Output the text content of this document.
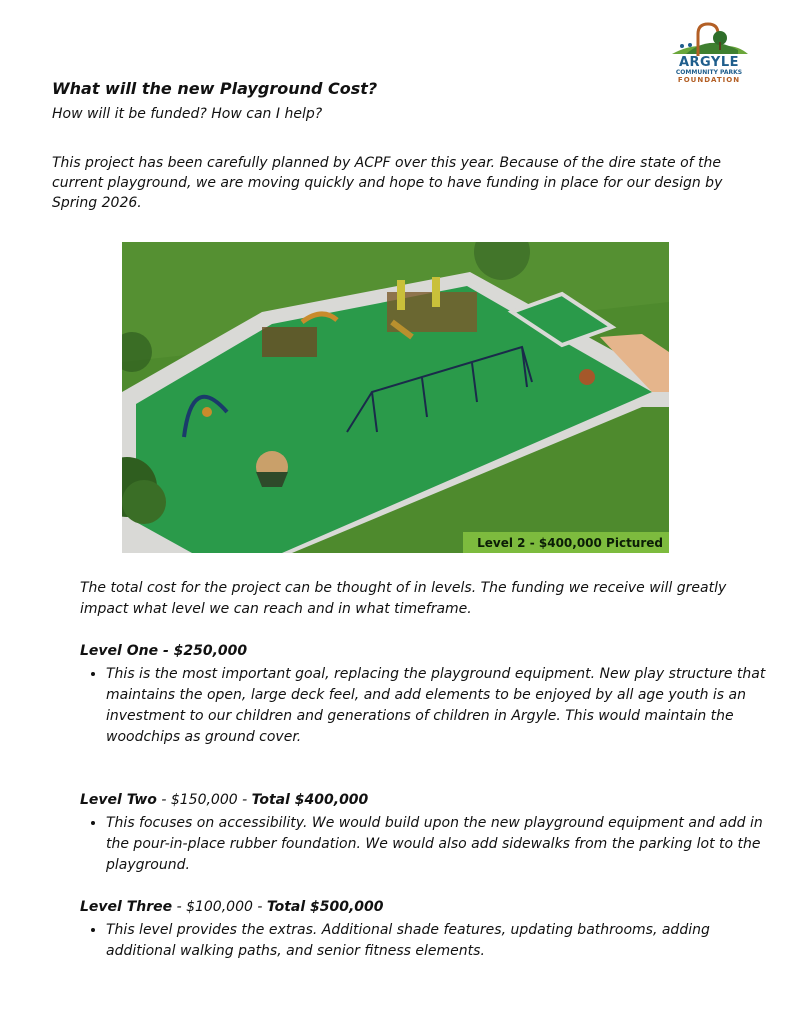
ARGYLE
COMMUNITY PARKS
FOUNDATION
What will the new Playground Cost?
How will it be funded? How can I help?
This project has been carefully planned by ACPF over this year. Because of the dire state of the current playground, we are moving quickly and hope to have funding in place for our design by Spring 2026.
Level 2 - $400,000 Pictured
The total cost for the project can be thought of in levels. The funding we receive will greatly impact what level we can reach and in what timeframe.
Level One - $250,000
• This is the most important goal, replacing the playground equipment. New play structure that maintains the open, large deck feel, and add elements to be enjoyed by all age youth is an investment to our children and generations of children in Argyle. This would maintain the woodchips as ground cover.
Level Two - $150,000 - Total $400,000
• This focuses on accessibility. We would build upon the new playground equipment and add in the pour-in-place rubber foundation. We would also add sidewalks from the parking lot to the playground.
Level Three - $100,000 - Total $500,000
• This level provides the extras. Additional shade features, updating bathrooms, adding additional walking paths, and senior fitness elements.
